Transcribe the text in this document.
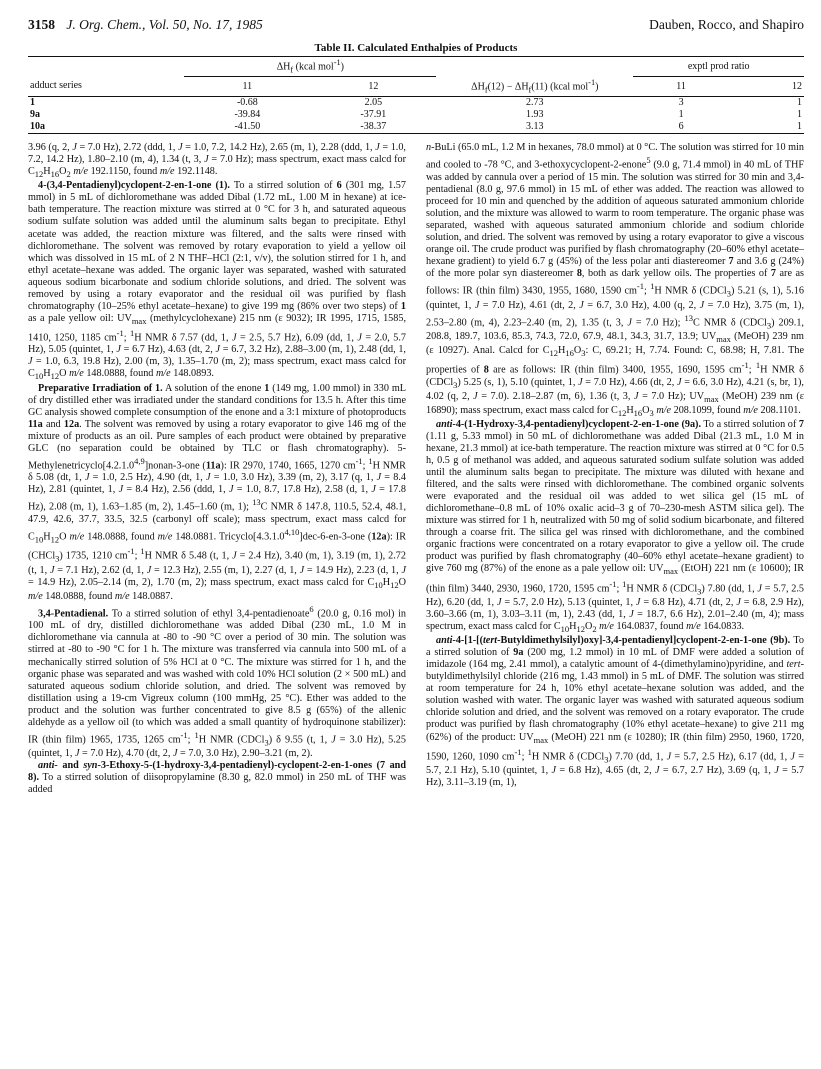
3158 J. Org. Chem., Vol. 50, No. 17, 1985	Dauben, Rocco, and Shapiro
Table II. Calculated Enthalpies of Products
	$\Delta H_f$ (kcal mol$^{-1}$)			exptl prod ratio	
adduct series	11	12	$\Delta H_f(12) - \Delta H_f(11)$ (kcal mol$^{-1}$)	11	12
1	-0.68	2.05	2.73	3	1
9a	-39.84	-37.91	1.93	1	1
10a	-41.50	-38.37	3.13	6	1

3.96 (q, 2, J = 7.0 Hz), 2.72 (ddd, 1, J = 1.0, 7.2, 14.2 Hz), 2.65 (m, 1), 2.28 (ddd, 1, J = 1.0, 7.2, 14.2 Hz), 1.80–2.10 (m, 4), 1.34 (t, 3, J = 7.0 Hz); mass spectrum, exact mass calcd for $C_{12}H_{16}O_2$ m/e 192.1150, found m/e 192.1148.

4-(3,4-Pentadienyl)cyclopent-2-en-1-one (1). To a stirred solution of 6 (301 mg, 1.57 mmol) in 5 mL of dichloromethane was added Dibal (1.72 mL, 1.00 M in hexane) at ice-bath temperature. The reaction mixture was stirred at 0 °C for 3 h, and saturated aqueous sodium sulfate solution was added until the aluminum salts began to precipitate. Ethyl acetate was added, the reaction mixture was filtered, and the salts were rinsed with dichloromethane. The solvent was removed by rotary evaporation to yield a yellow oil which was dissolved in 15 mL of 2 N THF–HCl (2:1, v/v), the solution stirred for 1 h, and ethyl acetate–hexane was added. The organic layer was separated, washed with saturated aqueous sodium bicarbonate and sodium chloride solutions, and dried. The solvent was removed by using a rotary evaporator and the residual oil was purified by flash chromatography (10–25% ethyl acetate–hexane) to give 199 mg (86% over two steps) of 1 as a pale yellow oil: $UV_{max}$ (methylcyclohexane) 215 nm (ε 9032); IR 1995, 1715, 1585, 1410, 1250, 1185 $cm^{-1}$; $^1$H NMR δ 7.57 (dd, 1, J = 2.5, 5.7 Hz), 6.09 (dd, 1, J = 2.0, 5.7 Hz), 5.05 (quintet, 1, J = 6.7 Hz), 4.63 (dt, 2, J = 6.7, 3.2 Hz), 2.88–3.00 (m, 1), 2.48 (dd, 1, J = 1.0, 6.3, 19.8 Hz), 2.00 (m, 3), 1.35–1.70 (m, 2); mass spectrum, exact mass calcd for $C_{10}H_{12}O$ m/e 148.0888, found m/e 148.0893.

Preparative Irradiation of 1. A solution of the enone 1 (149 mg, 1.00 mmol) in 330 mL of dry distilled ether was irradiated under the standard conditions for 13.5 h. After this time GC analysis showed complete consumption of the enone and a 3:1 mixture of photoproducts 11a and 12a. The solvent was removed by using a rotary evaporator to give 146 mg of the mixture of products as an oil. Pure samples of each product were obtained by preparative GLC (no separation could be obtained by TLC or flash chromatography). 5-Methylenetricyclo[4.2.1.0$^{4,9}$]nonan-3-one (11a): IR 2970, 1740, 1665, 1270 $cm^{-1}$; $^1$H NMR δ 5.08 (dt, 1, J = 1.0, 2.5 Hz), 4.90 (dt, 1, J = 1.0, 3.0 Hz), 3.39 (m, 2), 3.17 (q, 1, J = 8.4 Hz), 2.81 (quintet, 1, J = 8.4 Hz), 2.56 (ddd, 1, J = 1.0, 8.7, 17.8 Hz), 2.58 (d, 1, J = 17.8 Hz), 2.08 (m, 1), 1.63–1.85 (m, 2), 1.45–1.60 (m, 1); $^{13}$C NMR δ 147.8, 110.5, 52.4, 48.1, 47.9, 42.6, 37.7, 33.5, 32.5 (carbonyl off scale); mass spectrum, exact mass calcd for $C_{10}H_{12}O$ m/e 148.0888, found m/e 148.0881. Tricyclo[4.3.1.0$^{4,10}$]dec-6-en-3-one (12a): IR (CHCl$_3$) 1735, 1210 $cm^{-1}$; $^1$H NMR δ 5.48 (t, 1, J = 2.4 Hz), 3.40 (m, 1), 3.19 (m, 1), 2.72 (t, 1, J = 7.1 Hz), 2.62 (d, 1, J = 12.3 Hz), 2.55 (m, 1), 2.27 (d, 1, J = 14.9 Hz), 2.23 (d, 1, J = 14.9 Hz), 2.05–2.14 (m, 2), 1.70 (m, 2); mass spectrum, exact mass calcd for $C_{10}H_{12}O$ m/e 148.0888, found m/e 148.0887.

3,4-Pentadienal. To a stirred solution of ethyl 3,4-pentadienoate$^6$ (20.0 g, 0.16 mol) in 100 mL of dry, distilled dichloromethane was added Dibal (230 mL, 1.0 M in dichloromethane via cannula at -80 to -90 °C over a period of 30 min. The solution was stirred at -80 to -90 °C for 1 h. The mixture was transferred via cannula into 500 mL of a mechanically stirred solution of 5% HCl at 0 °C. The mixture was stirred for 1 h, and the organic phase was separated and was washed with cold 10% HCl solution (2 × 500 mL) and saturated aqueous sodium chloride solution, and dried. The solvent was removed by distillation using a 19-cm Vigreux column (100 mmHg, 25 °C). Ether was added to the product and the solution was further concentrated to give 8.5 g (65%) of the allenic aldehyde as a yellow oil (to which was added a small quantity of hydroquinone stabilizer): IR (thin film) 1965, 1735, 1265 $cm^{-1}$; $^1$H NMR (CDCl$_3$) δ 9.55 (t, 1, J = 3.0 Hz), 5.25 (quintet, 1, J = 7.0 Hz), 4.70 (dt, 2, J = 7.0, 3.0 Hz), 2.90–3.21 (m, 2).

anti- and syn-3-Ethoxy-5-(1-hydroxy-3,4-pentadienyl)-cyclopent-2-en-1-ones (7 and 8). To a stirred solution of diisopropylamine (8.30 g, 82.0 mmol) in 250 mL of THF was added

n-BuLi (65.0 mL, 1.2 M in hexanes, 78.0 mmol) at 0 °C. The solution was stirred for 10 min and cooled to -78 °C, and 3-ethoxycyclopent-2-enone$^5$ (9.0 g, 71.4 mmol) in 40 mL of THF was added by cannula over a period of 15 min. The solution was stirred for 30 min and 3,4-pentadienal (8.0 g, 97.6 mmol) in 15 mL of ether was added. The reaction was allowed to proceed for 10 min and quenched by the addition of aqueous saturated ammonium chloride solution, and the mixture was allowed to warm to room temperature. The organic phase was separated, washed with aqueous saturated ammonium chloride and sodium chloride solution, and dried. The solvent was removed by using a rotary evaporator to give a viscous orange oil. The crude product was purified by flash chromatography (20–60% ethyl acetate–hexane gradient) to yield 6.7 g (45%) of the less polar anti diastereomer 7 and 3.6 g (24%) of the more polar syn diastereomer 8, both as dark yellow oils. The properties of 7 are as follows: IR (thin film) 3430, 1955, 1680, 1590 $cm^{-1}$; $^1$H NMR δ (CDCl$_3$) 5.21 (s, 1), 5.16 (quintet, 1, J = 7.0 Hz), 4.61 (dt, 2, J = 6.7, 3.0 Hz), 4.00 (q, 2, J = 7.0 Hz), 3.75 (m, 1), 2.53–2.80 (m, 4), 2.23–2.40 (m, 2), 1.35 (t, 3, J = 7.0 Hz); $^{13}$C NMR δ (CDCl$_3$) 209.1, 208.8, 189.7, 103.6, 85.3, 74.3, 72.0, 67.9, 48.1, 34.3, 31.7, 13.9; $UV_{max}$ (MeOH) 239 nm (ε 10927). Anal. Calcd for $C_{12}H_{16}O_3$: C, 69.21; H, 7.74. Found: C, 68.98; H, 7.81. The properties of 8 are as follows: IR (thin film) 3400, 1955, 1690, 1595 $cm^{-1}$; $^1$H NMR δ (CDCl$_3$) 5.25 (s, 1), 5.10 (quintet, 1, J = 7.0 Hz), 4.66 (dt, 2, J = 6.6, 3.0 Hz), 4.21 (s, br, 1), 4.02 (q, 2, J = 7.0). 2.18–2.87 (m, 6), 1.36 (t, 3, J = 7.0 Hz); $UV_{max}$ (MeOH) 239 nm (ε 16890); mass spectrum, exact mass calcd for $C_{12}H_{16}O_3$ m/e 208.1099, found m/e 208.1101.

anti-4-(1-Hydroxy-3,4-pentadienyl)cyclopent-2-en-1-one (9a). To a stirred solution of 7 (1.11 g, 5.33 mmol) in 50 mL of dichloromethane was added Dibal (21.3 mL, 1.0 M in hexane, 21.3 mmol) at ice-bath temperature. The reaction mixture was stirred at 0 °C for 0.5 h, 0.5 g of methanol was added, and aqueous saturated sodium sulfate solution was added until the aluminum salts began to precipitate. The mixture was diluted with hexane and filtered, and the salts were rinsed with dichloromethane. The combined organic solvents were evaporated and the residual oil was added to wet silica gel (15 mL of dichloromethane–0.8 mL of 10% oxalic acid–3 g of 70–230-mesh ASTM silica gel). The mixture was stirred for 1 h, neutralized with 50 mg of solid sodium bicarbonate, and filtered through a coarse frit. The silica gel was rinsed with dichloromethane, and the combined organic fractions were concentrated on a rotary evaporator to give a yellow oil. The crude product was purified by flash chromatography (40–60% ethyl acetate–hexane gradient) to give 760 mg (87%) of the enone as a pale yellow oil: $UV_{max}$ (EtOH) 221 nm (ε 10600); IR (thin film) 3440, 2930, 1960, 1720, 1595 $cm^{-1}$; $^1$H NMR δ (CDCl$_3$) 7.80 (dd, 1, J = 5.7, 2.5 Hz), 6.20 (dd, 1, J = 5.7, 2.0 Hz), 5.13 (quintet, 1, J = 6.8 Hz), 4.71 (dt, 2, J = 6.8, 2.9 Hz), 3.60–3.66 (m, 1), 3.03–3.11 (m, 1), 2.43 (dd, 1, J = 18.7, 6.6 Hz), 2.01–2.40 (m, 4); mass spectrum, exact mass calcd for $C_{10}H_{12}O_2$ m/e 164.0837, found m/e 164.0833.

anti-4-[1-[(tert-Butyldimethylsilyl)oxy]-3,4-pentadienyl]cyclopent-2-en-1-one (9b). To a stirred solution of 9a (200 mg, 1.2 mmol) in 10 mL of DMF were added a solution of imidazole (164 mg, 2.41 mmol), a catalytic amount of 4-(dimethylamino)pyridine, and tert-butyldimethylsilyl chloride (216 mg, 1.43 mmol) in 5 mL of DMF. The solution was stirred at room temperature for 24 h, 10% ethyl acetate–hexane solution was added, and the solution washed with water. The organic layer was washed with saturated aqueous sodium chloride solution and dried, and the solvent was removed on a rotary evaporator. The crude product was purified by flash chromatography (10% ethyl acetate–hexane) to give 211 mg (62%) of the product: $UV_{max}$ (MeOH) 221 nm (ε 10280); IR (thin film) 2950, 1960, 1720, 1590, 1260, 1090 $cm^{-1}$; $^1$H NMR δ (CDCl$_3$) 7.70 (dd, 1, J = 5.7, 2.5 Hz), 6.17 (dd, 1, J = 5.7, 2.1 Hz), 5.10 (quintet, 1, J = 6.8 Hz), 4.65 (dt, 2, J = 6.7, 2.7 Hz), 3.69 (q, 1, J = 5.7 Hz), 3.11–3.19 (m, 1),
